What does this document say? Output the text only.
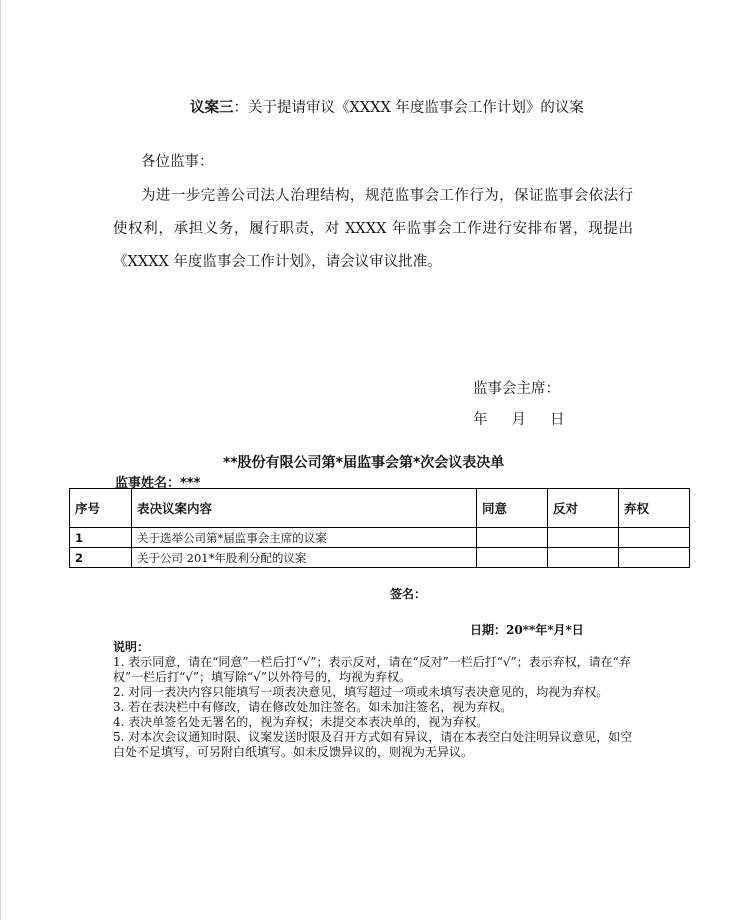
议案三：关于提请审议《XXXX 年度监事会工作计划》的议案
各位监事：
为进一步完善公司法人治理结构，规范监事会工作行为，保证监事会依法行使权利，承担义务，履行职责，对 XXXX 年监事会工作进行安排布署，现提出《XXXX 年度监事会工作计划》，请会议审议批准。
监事会主席：
年 月 日
**股份有限公司第*届监事会第*次会议表决单
监事姓名：***
序号	表决议案内容	同意	反对	弃权
1	关于选举公司第*届监事会主席的议案			
2	关于公司 201*年股利分配的议案			
签名：
日期：20**年*月*日
说明：
1. 表示同意，请在“同意”一栏后打“√”；表示反对，请在“反对”一栏后打“√”；表示弃权，请在“弃权”一栏后打“√”；填写除“√”以外符号的，均视为弃权。
2. 对同一表决内容只能填写一项表决意见，填写超过一项或未填写表决意见的，均视为弃权。
3. 若在表决栏中有修改，请在修改处加注签名。如未加注签名，视为弃权。
4. 表决单签名处无署名的，视为弃权；未提交本表决单的，视为弃权。
5. 对本次会议通知时限、议案发送时限及召开方式如有异议，请在本表空白处注明异议意见，如空白处不足填写，可另附白纸填写。如未反馈异议的，则视为无异议。
